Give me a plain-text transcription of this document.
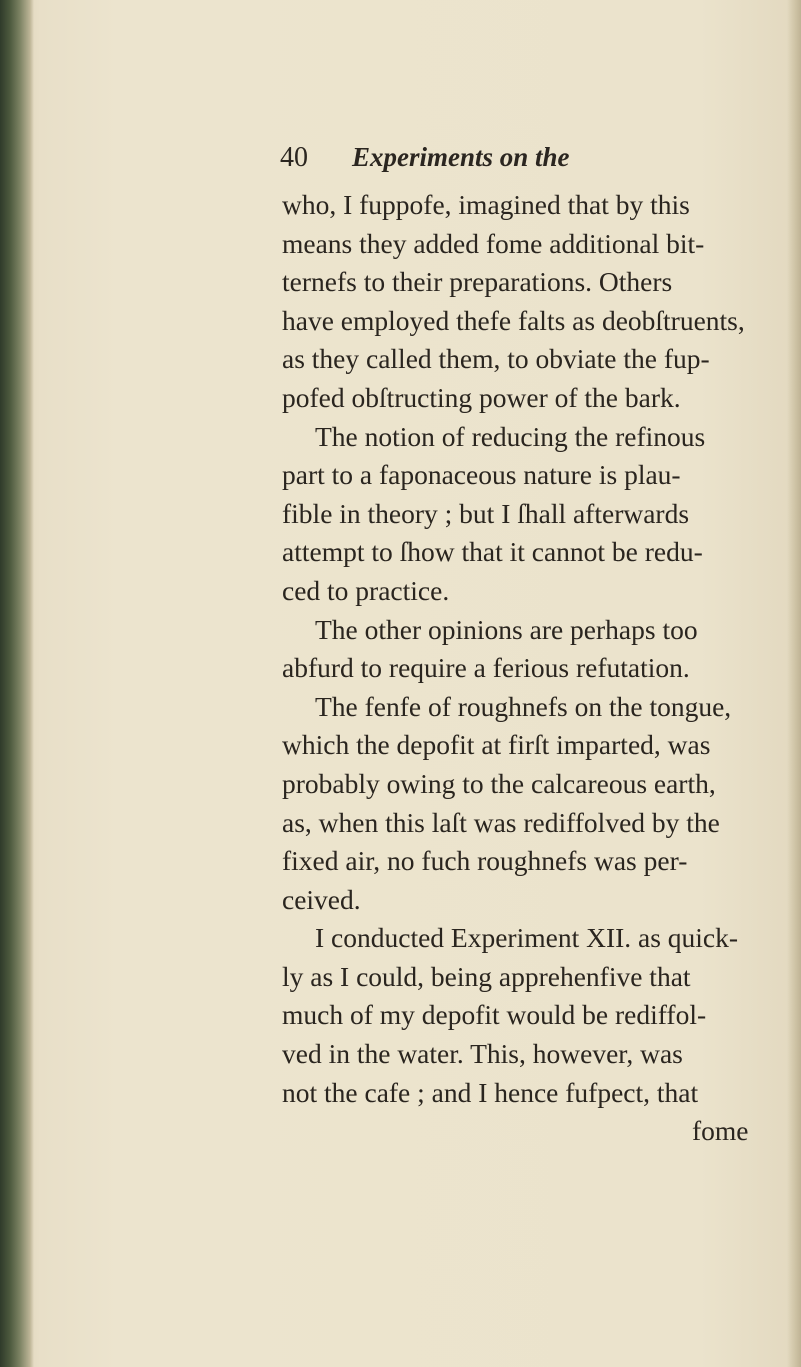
40 Experiments on the
who, I fuppofe, imagined that by this
means they added fome additional bit-
ternefs to their preparations. Others
have employed thefe falts as deobſtruents,
as they called them, to obviate the fup-
pofed obſtructing power of the bark.
The notion of reducing the refinous
part to a faponaceous nature is plau-
fible in theory ; but I ſhall afterwards
attempt to ſhow that it cannot be redu-
ced to practice.
The other opinions are perhaps too
abfurd to require a ferious refutation.
The fenfe of roughnefs on the tongue,
which the depofit at firſt imparted, was
probably owing to the calcareous earth,
as, when this laſt was rediffolved by the
fixed air, no fuch roughnefs was per-
ceived.
I conducted Experiment XII. as quick-
ly as I could, being apprehenfive that
much of my depofit would be rediffol-
ved in the water. This, however, was
not the cafe ; and I hence fufpect, that
fome
